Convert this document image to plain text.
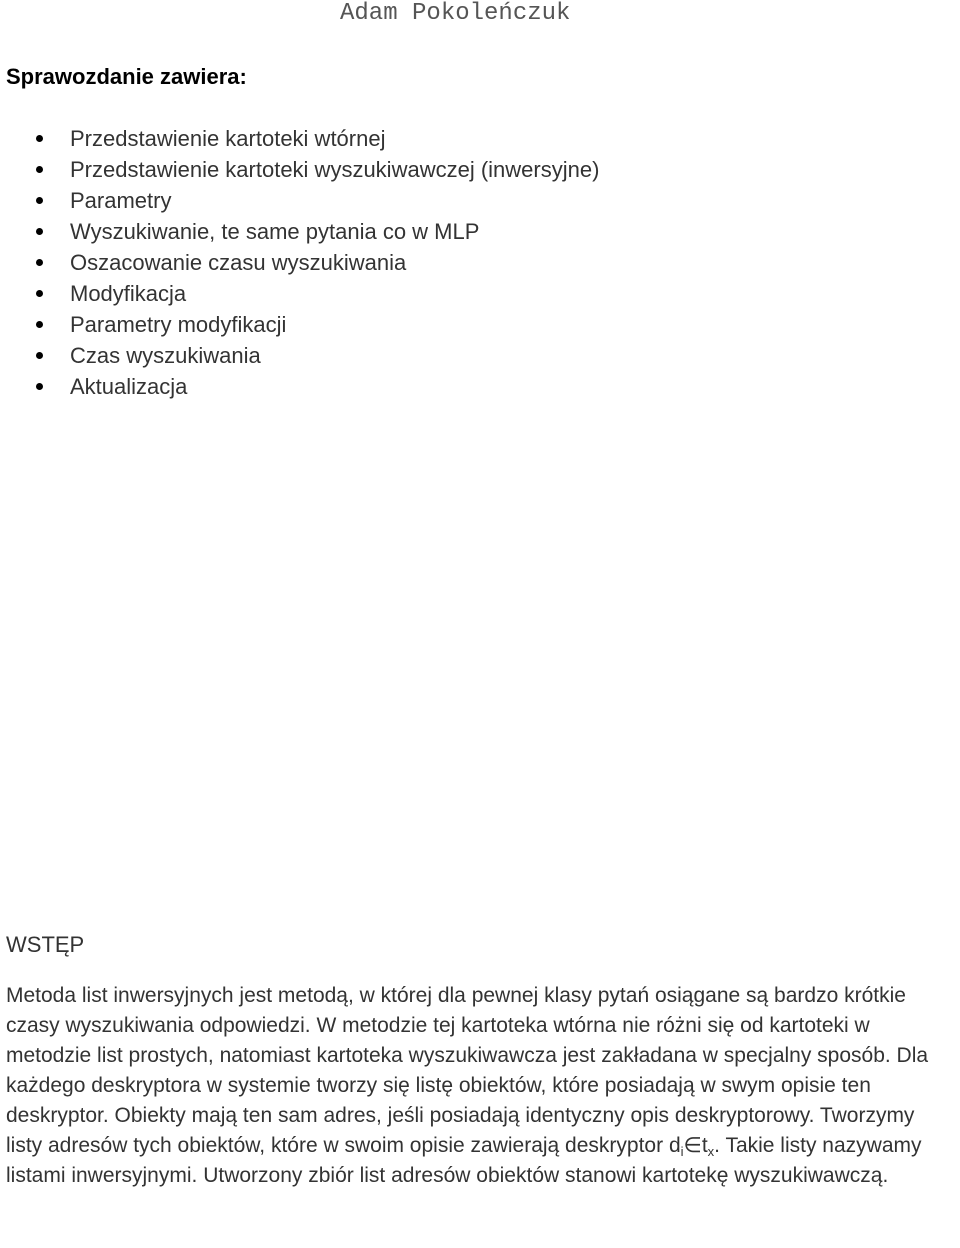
Adam Pokoleńczuk
Sprawozdanie zawiera:
Przedstawienie kartoteki wtórnej
Przedstawienie kartoteki wyszukiwawczej (inwersyjne)
Parametry
Wyszukiwanie, te same pytania co w MLP
Oszacowanie czasu wyszukiwania
Modyfikacja
Parametry modyfikacji
Czas wyszukiwania
Aktualizacja
WSTĘP

Metoda list inwersyjnych jest metodą, w której dla pewnej klasy pytań osiągane są bardzo krótkie czasy wyszukiwania odpowiedzi. W metodzie tej kartoteka wtórna nie różni się od kartoteki w metodzie list prostych, natomiast kartoteka wyszukiwawcza jest zakładana w specjalny sposób. Dla każdego deskryptora w systemie tworzy się listę obiektów, które posiadają w swym opisie ten deskryptor. Obiekty mają ten sam adres, jeśli posiadają identyczny opis deskryptorowy. Tworzymy listy adresów tych obiektów, które w swoim opisie zawierają deskryptor $d_i\in t_x$. Takie listy nazywamy listami inwersyjnymi. Utworzony zbiór list adresów obiektów stanowi kartotekę wyszukiwawczą.
